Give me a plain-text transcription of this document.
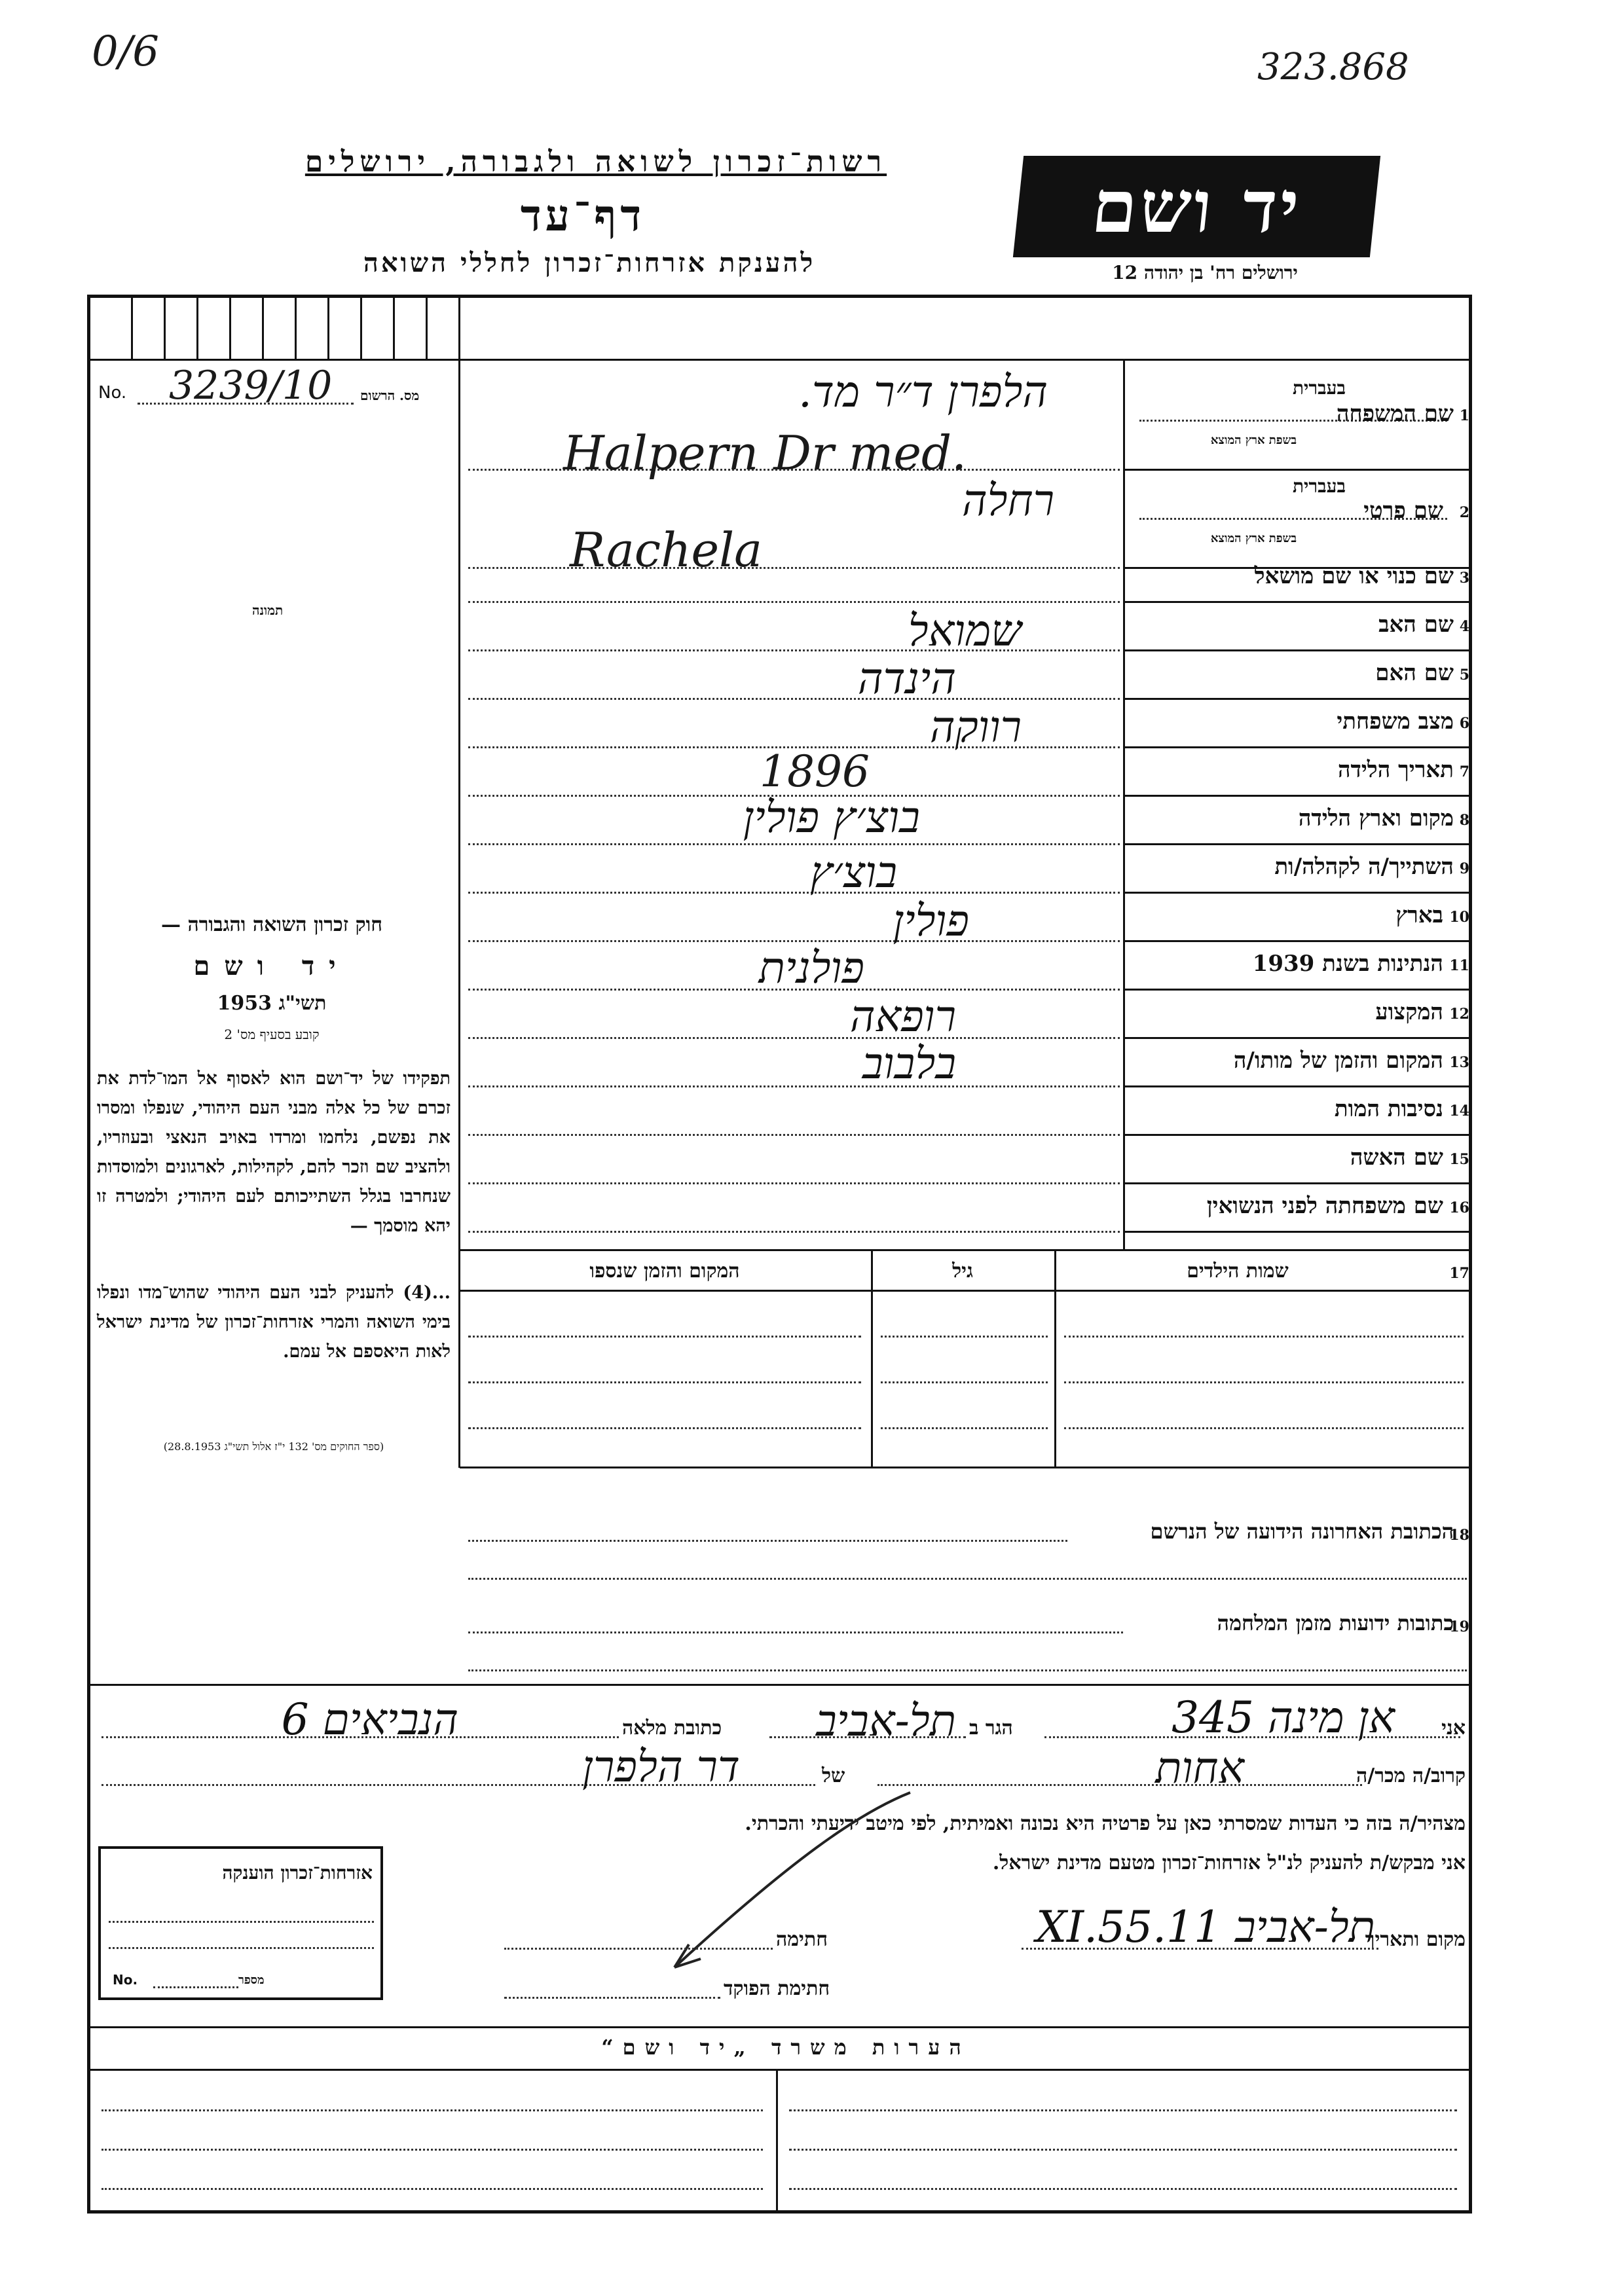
0/6	323.868
רשות־זכרון לשואה ולגבורה, ירושלים
דף־עד
להענקת אזרחות־זכרון לחללי השואה
יד ושם
ירושלים רח' בן יהודה 12
No. 3239/10 מס. הרשום
תמונה
חוק זכרון השואה והגבורה —
יד ושם
תשי"ג 1953
קובע בסעיף מס' 2
תפקידו של יד־ושם הוא לאסוף אל המו־לדת את זכרם של כל אלה מבני העם היהודי, שנפלו ומסרו את נפשם, נלחמו ומרדו באויב הנאצי ובעוזריו, ולהציב שם וזכר להם, לקהילות, לארגונים ולמוסדות שנחרבו בגלל השתייכותם לעם היהודי; ולמטרה זו יהא מוסמך —
...(4) להעניק לבני העם היהודי שהוש־מדו ונפלו בימי השואה והמרי אזרחות־זכרון של מדינת ישראל לאות היאספם אל עמם.
(ספר החוקים מס' 132 י"ז אלול תשי"ג 28.8.1953)
1
שם המשפחה
בעברית
בשפת ארץ המוצא
הלפרן ד״ר מד.
Halpern Dr med.
2
שם פרטי
בעברית
בשפת ארץ המוצא
רחלה
Rachela
3
שם כנוי או שם מושאל
4
שם האב
שמואל
5
שם האם
הינדה
6
מצב משפחתי
רווקה
7
תאריך הלידה
1896
8
מקום וארץ הלידה
בוצ׳ץ פולין
9
השתייך/ה לקהלה/ות
בוצ׳ץ
10
בארץ
פולין
11
הנתינות בשנת 1939
פולנית
12
המקצוע
רופאה
13
המקום והזמן של מותו/ה
בלבוב
14
נסיבות המות
15
שם האשה
16
שם משפחתה לפני הנשואין
17
שמות הילדים
גיל
המקום והזמן שנספו
18
הכתובת האחרונה הידועה של הנרשם
19
כתובות ידועות מזמן המלחמה
אני
אן מינה 345
הגר ב
תל-אביב
כתובת מלאה
הנביאים 6
קרוב/ה מכר/ה
אחות
של
דר הלפרן
מצהיר/ה בזה כי העדות שמסרתי כאן על פרטיה היא נכונה ואמיתית, לפי מיטב ידיעתי והכרתי.
אני מבקש/ת להעניק לנ"ל אזרחות־זכרון מטעם מדינת ישראל.
מקום ותאריך
תל-אביב 11.XI.55
חתימה
חתימת הפוקד
אזרחות־זכרון הוענקה
No.	מספר
הערות משרד „יד ושם“
